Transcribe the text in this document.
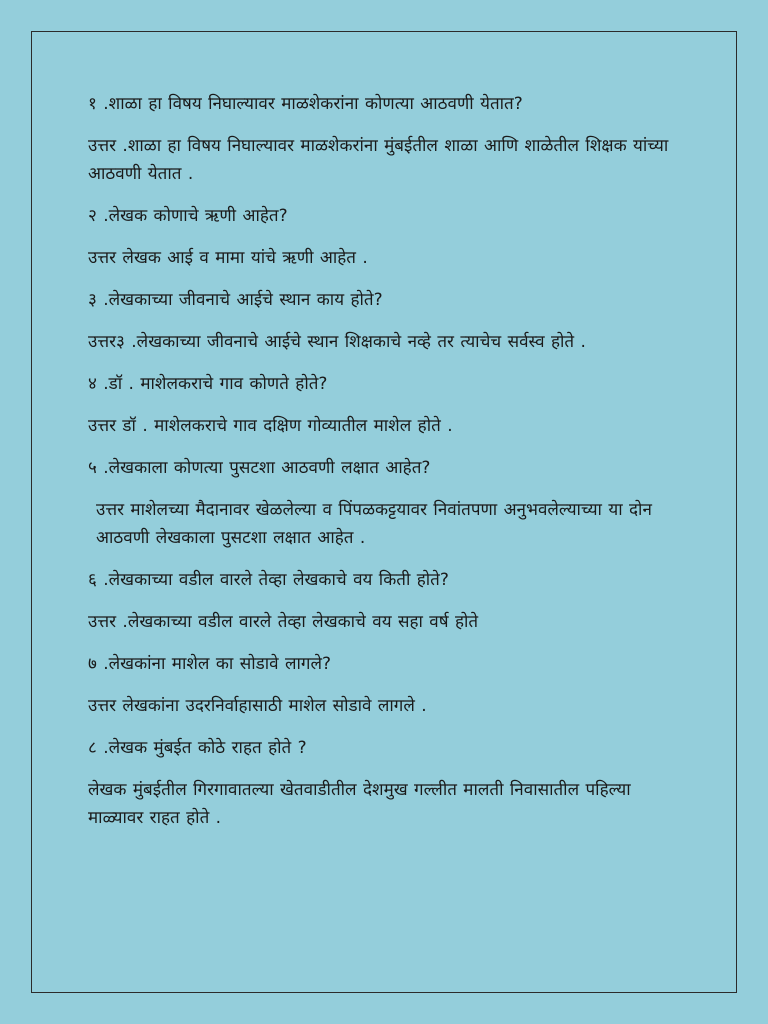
१ .शाळा हा विषय निघाल्यावर माळशेकरांना कोणत्या आठवणी येतात?

उत्तर .शाळा हा विषय निघाल्यावर माळशेकरांना मुंबईतील शाळा आणि शाळेतील शिक्षक यांच्या आठवणी येतात .

२ .लेखक कोणाचे ऋणी आहेत?

उत्तर लेखक आई व मामा यांचे ऋणी आहेत .

३ .लेखकाच्या जीवनाचे आईचे स्थान काय होते?

उत्तर३ .लेखकाच्या जीवनाचे आईचे स्थान शिक्षकाचे नव्हे तर त्याचेच सर्वस्व होते .

४ .डॉ . माशेलकराचे गाव कोणते होते?

उत्तर डॉ . माशेलकराचे गाव दक्षिण गोव्यातील माशेल होते .

५ .लेखकाला कोणत्या पुसटशा आठवणी लक्षात आहेत?

उत्तर माशेलच्या मैदानावर खेळलेल्या व पिंपळकट्टयावर निवांतपणा अनुभवलेल्याच्या या दोन आठवणी लेखकाला पुसटशा लक्षात आहेत .

६ .लेखकाच्या वडील वारले तेव्हा लेखकाचे वय किती होते?

उत्तर .लेखकाच्या वडील वारले तेव्हा लेखकाचे वय सहा वर्ष होते

७ .लेखकांना माशेल का सोडावे लागले?

उत्तर लेखकांना उदरनिर्वाहासाठी माशेल सोडावे लागले .

८ .लेखक मुंबईत कोठे राहत होते ?

लेखक मुंबईतील गिरगावातल्या खेतवाडीतील देशमुख गल्लीत मालती निवासातील पहिल्या माळ्यावर राहत होते .
